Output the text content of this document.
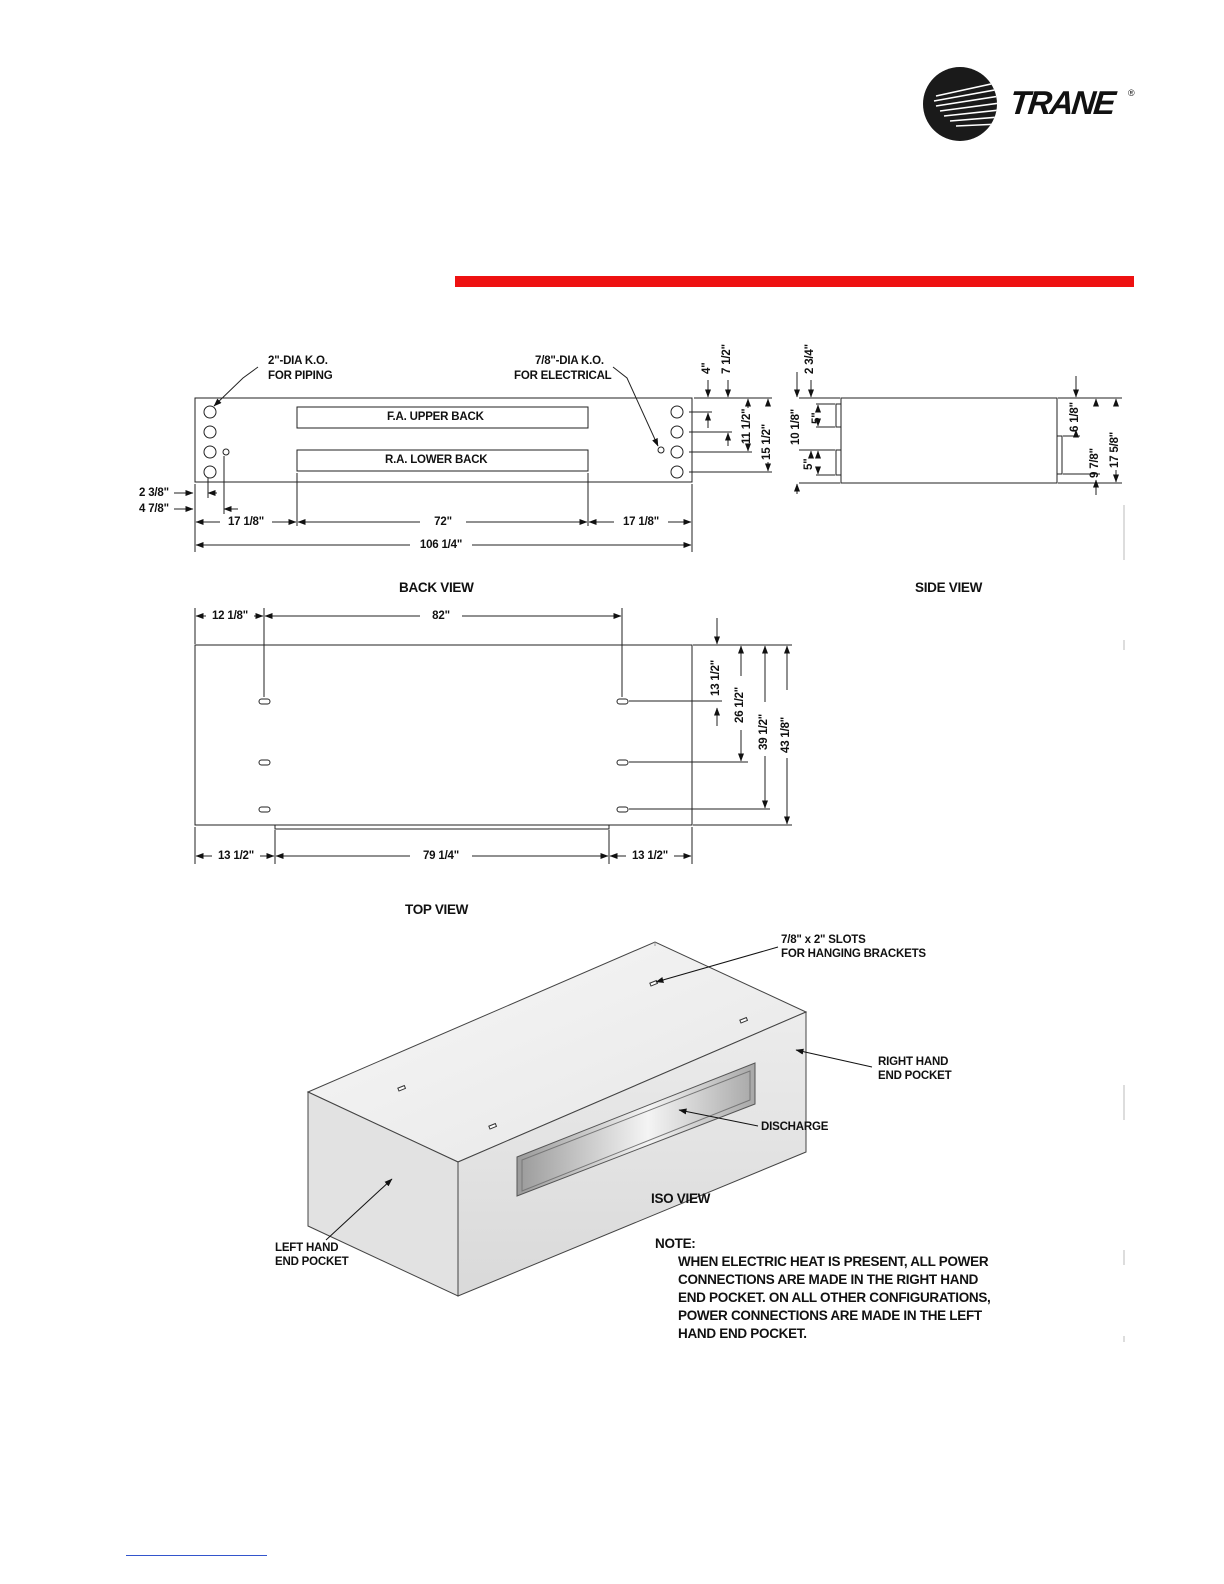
TRANE ®
2"-DIA K.O.
FOR PIPING
7/8"-DIA K.O.
FOR ELECTRICAL
F.A. UPPER BACK
R.A. LOWER BACK
2 3/8"
4 7/8"
17 1/8"	72"	17 1/8"
106 1/4"
4" 7 1/2"
11 1/2" 15 1/2"
BACK VIEW
2 3/4"
10 1/8" 5"
5"
6 1/8"
9 7/8" 17 5/8"
SIDE VIEW
12 1/8"	82"
13 1/2"	79 1/4"	13 1/2"
13 1/2"
26 1/2"
39 1/2" 43 1/8"
TOP VIEW
7/8" x 2" SLOTS
FOR HANGING BRACKETS
RIGHT HAND
END POCKET
DISCHARGE
ISO VIEW
LEFT HAND
END POCKET
NOTE:
WHEN ELECTRIC HEAT IS PRESENT, ALL POWER
CONNECTIONS ARE MADE IN THE RIGHT HAND
END POCKET. ON ALL OTHER CONFIGURATIONS,
POWER CONNECTIONS ARE MADE IN THE LEFT
HAND END POCKET.
